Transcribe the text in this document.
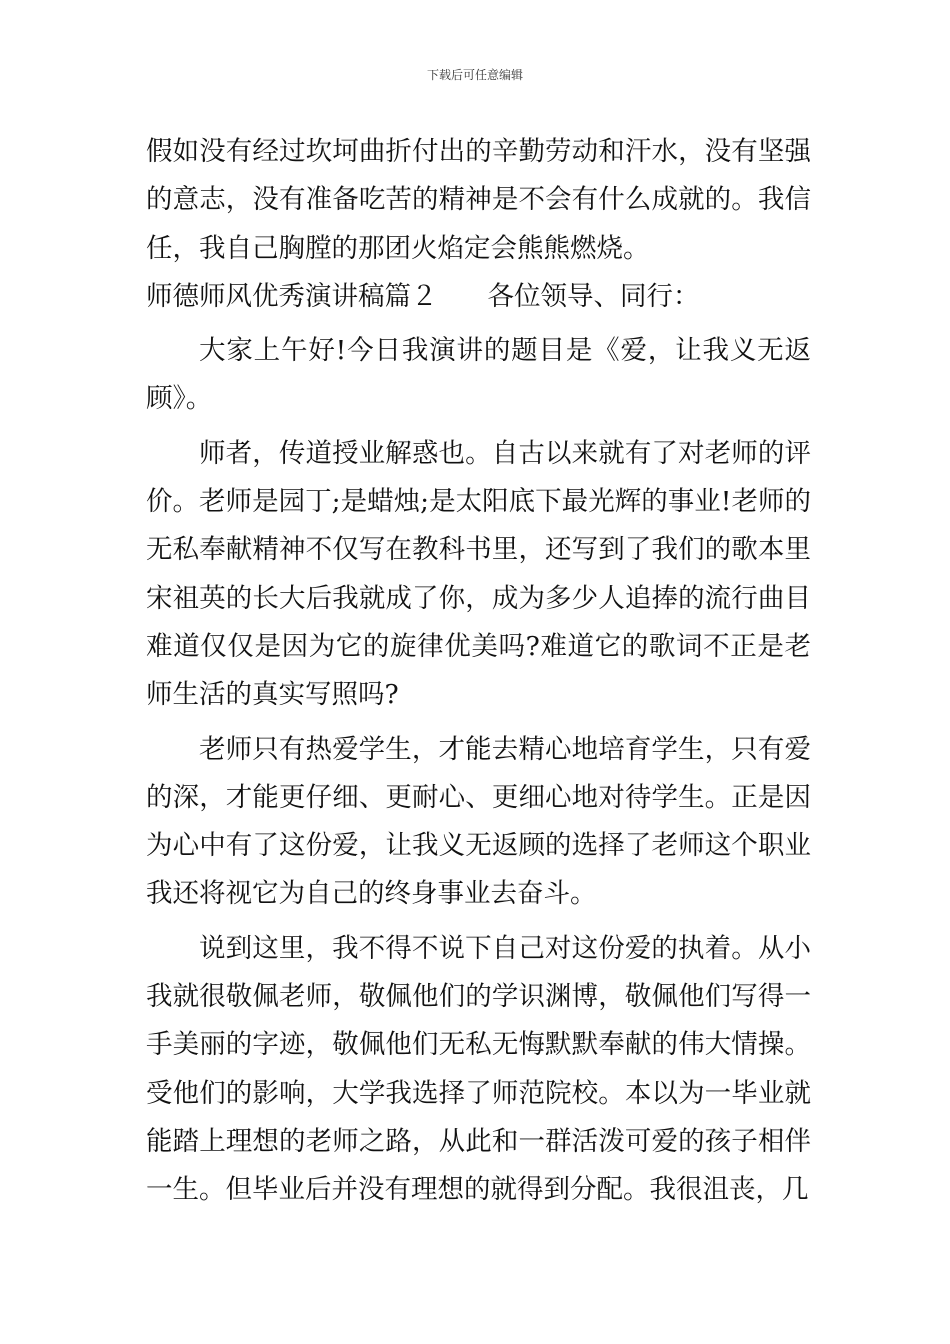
下载后可任意编辑

假如没有经过坎坷曲折付出的辛勤劳动和汗水，没有坚强的意志，没有准备吃苦的精神是不会有什么成就的。我信任，我自己胸膛的那团火焰定会熊熊燃烧。

师德师风优秀演讲稿篇２ 各位领导、同行：

大家上午好!今日我演讲的题目是《爱，让我义无返顾》。

师者，传道授业解惑也。自古以来就有了对老师的评价。老师是园丁;是蜡烛;是太阳底下最光辉的事业!老师的无私奉献精神不仅写在教科书里，还写到了我们的歌本里宋祖英的长大后我就成了你，成为多少人追捧的流行曲目难道仅仅是因为它的旋律优美吗?难道它的歌词不正是老师生活的真实写照吗?

老师只有热爱学生，才能去精心地培育学生，只有爱的深，才能更仔细、更耐心、更细心地对待学生。正是因为心中有了这份爱，让我义无返顾的选择了老师这个职业我还将视它为自己的终身事业去奋斗。

说到这里，我不得不说下自己对这份爱的执着。从小我就很敬佩老师，敬佩他们的学识渊博，敬佩他们写得一手美丽的字迹，敬佩他们无私无悔默默奉献的伟大情操。受他们的影响，大学我选择了师范院校。本以为一毕业就能踏上理想的老师之路，从此和一群活泼可爱的孩子相伴一生。但毕业后并没有理想的就得到分配。我很沮丧，几
